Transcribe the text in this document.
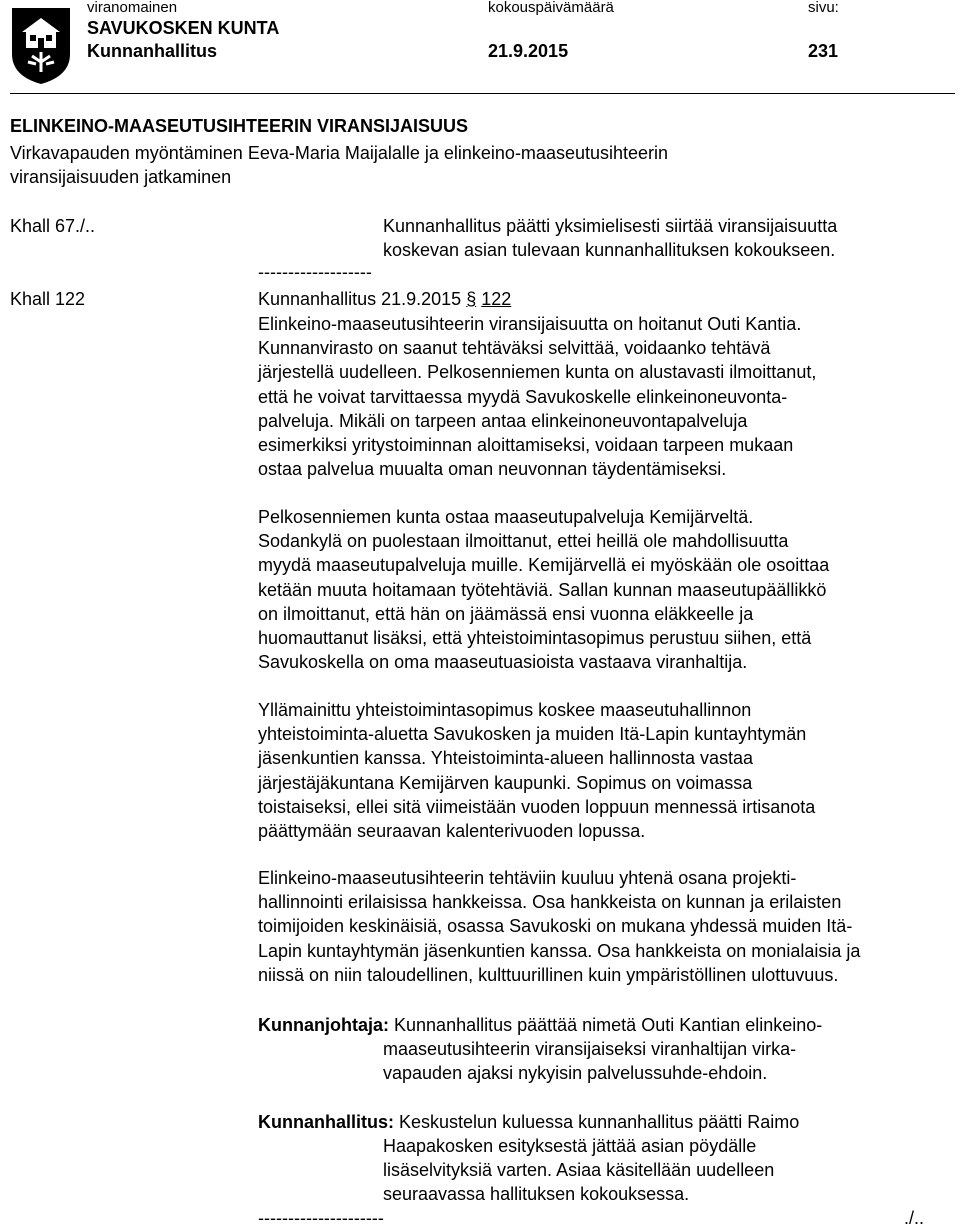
viranomainen	kokouspäivämäärä	sivu:
SAVUKOSKEN KUNTA
Kunnanhallitus	21.9.2015	231
ELINKEINO-MAASEUTUSIHTEERIN VIRANSIJAISUUS
Virkavapauden myöntäminen Eeva-Maria Maijalalle ja elinkeino-maaseutusihteerin
viransijaisuuden jatkaminen
Khall 67./..	Kunnanhallitus päätti yksimielisesti siirtää viransijaisuutta
koskevan asian tulevaan kunnanhallituksen kokoukseen.
-------------------
Khall 122	Kunnanhallitus 21.9.2015 § 122
Elinkeino-maaseutusihteerin viransijaisuutta on hoitanut Outi Kantia.
Kunnanvirasto on saanut tehtäväksi selvittää, voidaanko tehtävä
järjestellä uudelleen. Pelkosenniemen kunta on alustavasti ilmoittanut,
että he voivat tarvittaessa myydä Savukoskelle elinkeinoneuvonta-
palveluja. Mikäli on tarpeen antaa elinkeinoneuvontapalveluja
esimerkiksi yritystoiminnan aloittamiseksi, voidaan tarpeen mukaan
ostaa palvelua muualta oman neuvonnan täydentämiseksi.
Pelkosenniemen kunta ostaa maaseutupalveluja Kemijärveltä.
Sodankylä on puolestaan ilmoittanut, ettei heillä ole mahdollisuutta
myydä maaseutupalveluja muille. Kemijärvellä ei myöskään ole osoittaa
ketään muuta hoitamaan työtehtäviä. Sallan kunnan maaseutupäällikkö
on ilmoittanut, että hän on jäämässä ensi vuonna eläkkeelle ja
huomauttanut lisäksi, että yhteistoimintasopimus perustuu siihen, että
Savukoskella on oma maaseutuasioista vastaava viranhaltija.
Yllämainittu yhteistoimintasopimus koskee maaseutuhallinnon
yhteistoiminta-aluetta Savukosken ja muiden Itä-Lapin kuntayhtymän
jäsenkuntien kanssa. Yhteistoiminta-alueen hallinnosta vastaa
järjestäjäkuntana Kemijärven kaupunki. Sopimus on voimassa
toistaiseksi, ellei sitä viimeistään vuoden loppuun mennessä irtisanota
päättymään seuraavan kalenterivuoden lopussa.
Elinkeino-maaseutusihteerin tehtäviin kuuluu yhtenä osana projekti-
hallinnointi erilaisissa hankkeissa. Osa hankkeista on kunnan ja erilaisten
toimijoiden keskinäisiä, osassa Savukoski on mukana yhdessä muiden Itä-
Lapin kuntayhtymän jäsenkuntien kanssa. Osa hankkeista on monialaisia ja
niissä on niin taloudellinen, kulttuurillinen kuin ympäristöllinen ulottuvuus.
Kunnanjohtaja: Kunnanhallitus päättää nimetä Outi Kantian elinkeino-
maaseutusihteerin viransijaiseksi viranhaltijan virka-
vapauden ajaksi nykyisin palvelussuhde-ehdoin.
Kunnanhallitus: Keskustelun kuluessa kunnanhallitus päätti Raimo
Haapakosken esityksestä jättää asian pöydälle
lisäselvityksiä varten. Asiaa käsitellään uudelleen
seuraavassa hallituksen kokouksessa.
---------------------	./..
